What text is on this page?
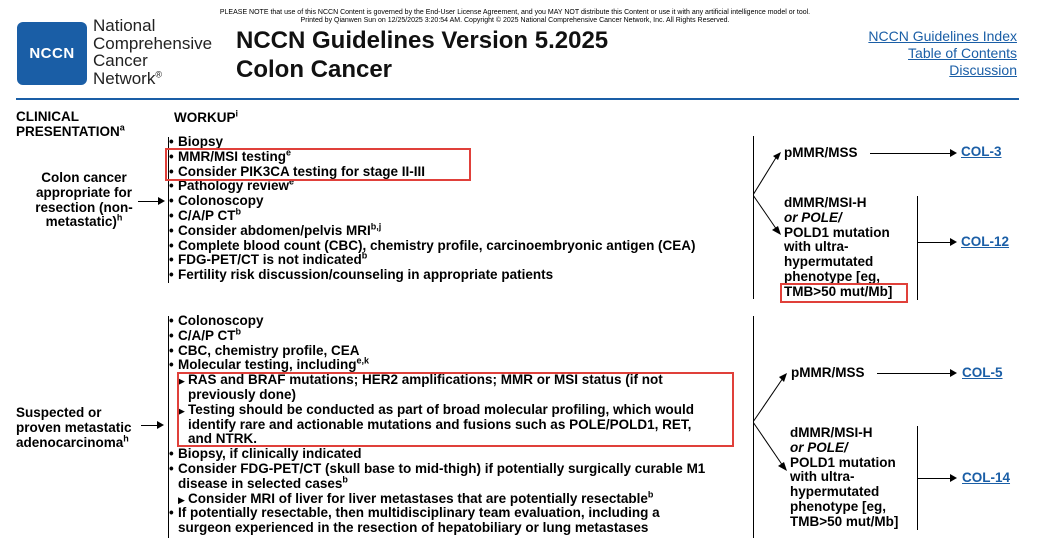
PLEASE NOTE that use of this NCCN Content is governed by the End-User License Agreement, and you MAY NOT distribute this Content or use it with any artificial intelligence model or tool.
Printed by Qianwen Sun on 12/25/2025 3:20:54 AM. Copyright © 2025 National Comprehensive Cancer Network, Inc. All Rights Reserved.
NCCN
National
Comprehensive
Cancer
Network®
NCCN Guidelines Version 5.2025
Colon Cancer
NCCN Guidelines Index
Table of Contents
Discussion
CLINICAL
PRESENTATION$^a$
WORKUP$^i$
Colon cancer
appropriate for
resection (non-
metastatic)$^h$
• Biopsy
• MMR/MSI testing$^e$
• Consider PIK3CA testing for stage II-III
• Pathology review$^e$
• Colonoscopy
• C/A/P $CT^b$
• Consider abdomen/pelvis MRI$^{b,j}$
• Complete blood count (CBC), chemistry profile, carcinoembryonic antigen (CEA)
• FDG-PET/CT is not indicated$^b$
• Fertility risk discussion/counseling in appropriate patients
pMMR/MSS	COL-3
dMMR/MSI-H
or POLE/
POLD1 mutation
with ultra-
hypermutated
phenotype [eg,
TMB>50 mut/Mb]
COL-12
Suspected or
proven metastatic
adenocarcinoma$^h$
• Colonoscopy
• C/A/P $CT^b$
• CBC, chemistry profile, CEA
• Molecular testing, including$^{e,k}$
▶ RAS and BRAF mutations; HER2 amplifications; MMR or MSI status (if not
previously done)
▶ Testing should be conducted as part of broad molecular profiling, which would
identify rare and actionable mutations and fusions such as POLE/POLD1, RET,
and NTRK.
• Biopsy, if clinically indicated
• Consider FDG-PET/CT (skull base to mid-thigh) if potentially surgically curable M1
disease in selected cases$^b$
▶ Consider MRI of liver for liver metastases that are potentially resectable$^b$
• If potentially resectable, then multidisciplinary team evaluation, including a
surgeon experienced in the resection of hepatobiliary or lung metastases
pMMR/MSS	COL-5
dMMR/MSI-H
or POLE/
POLD1 mutation
with ultra-
hypermutated
phenotype [eg,
TMB>50 mut/Mb]
COL-14
